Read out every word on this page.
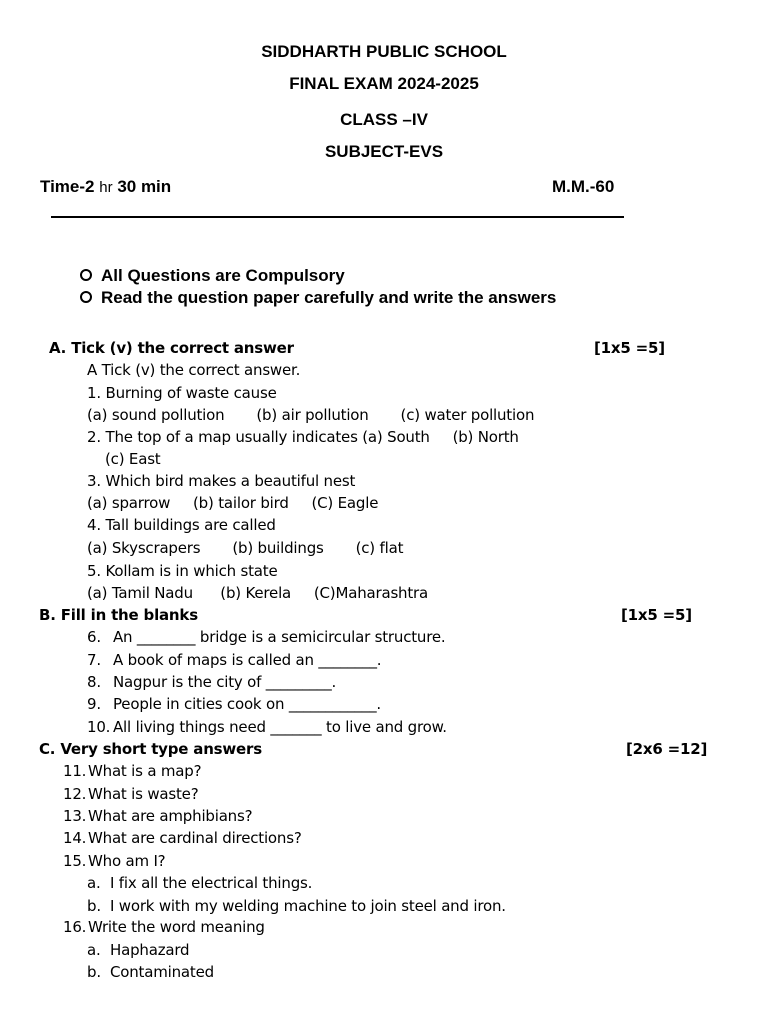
SIDDHARTH PUBLIC SCHOOL
FINAL EXAM 2024-2025
CLASS –IV
SUBJECT-EVS
Time-2 hr 30 min	M.M.-60
All Questions are Compulsory
Read the question paper carefully and write the answers
A. Tick (v) the correct answer	[1x5 =5]
A Tick (v) the correct answer.
1. Burning of waste cause
(a) sound pollution       (b) air pollution       (c) water pollution
2. The top of a map usually indicates (a) South     (b) North
(c) East
3. Which bird makes a beautiful nest
(a) sparrow     (b) tailor bird     (C) Eagle
4. Tall buildings are called
(a) Skyscrapers       (b) buildings       (c) flat
5. Kollam is in which state
(a) Tamil Nadu      (b) Kerela     (C)Maharashtra
B. Fill in the blanks	[1x5 =5]
6. An ________ bridge is a semicircular structure.
7. A book of maps is called an ________.
8. Nagpur is the city of _________.
9. People in cities cook on ____________.
10. All living things need _______ to live and grow.
C. Very short type answers	[2x6 =12]
11. What is a map?
12. What is waste?
13. What are amphibians?
14. What are cardinal directions?
15. Who am I?
a. I fix all the electrical things.
b. I work with my welding machine to join steel and iron.
16. Write the word meaning
a. Haphazard
b. Contaminated
